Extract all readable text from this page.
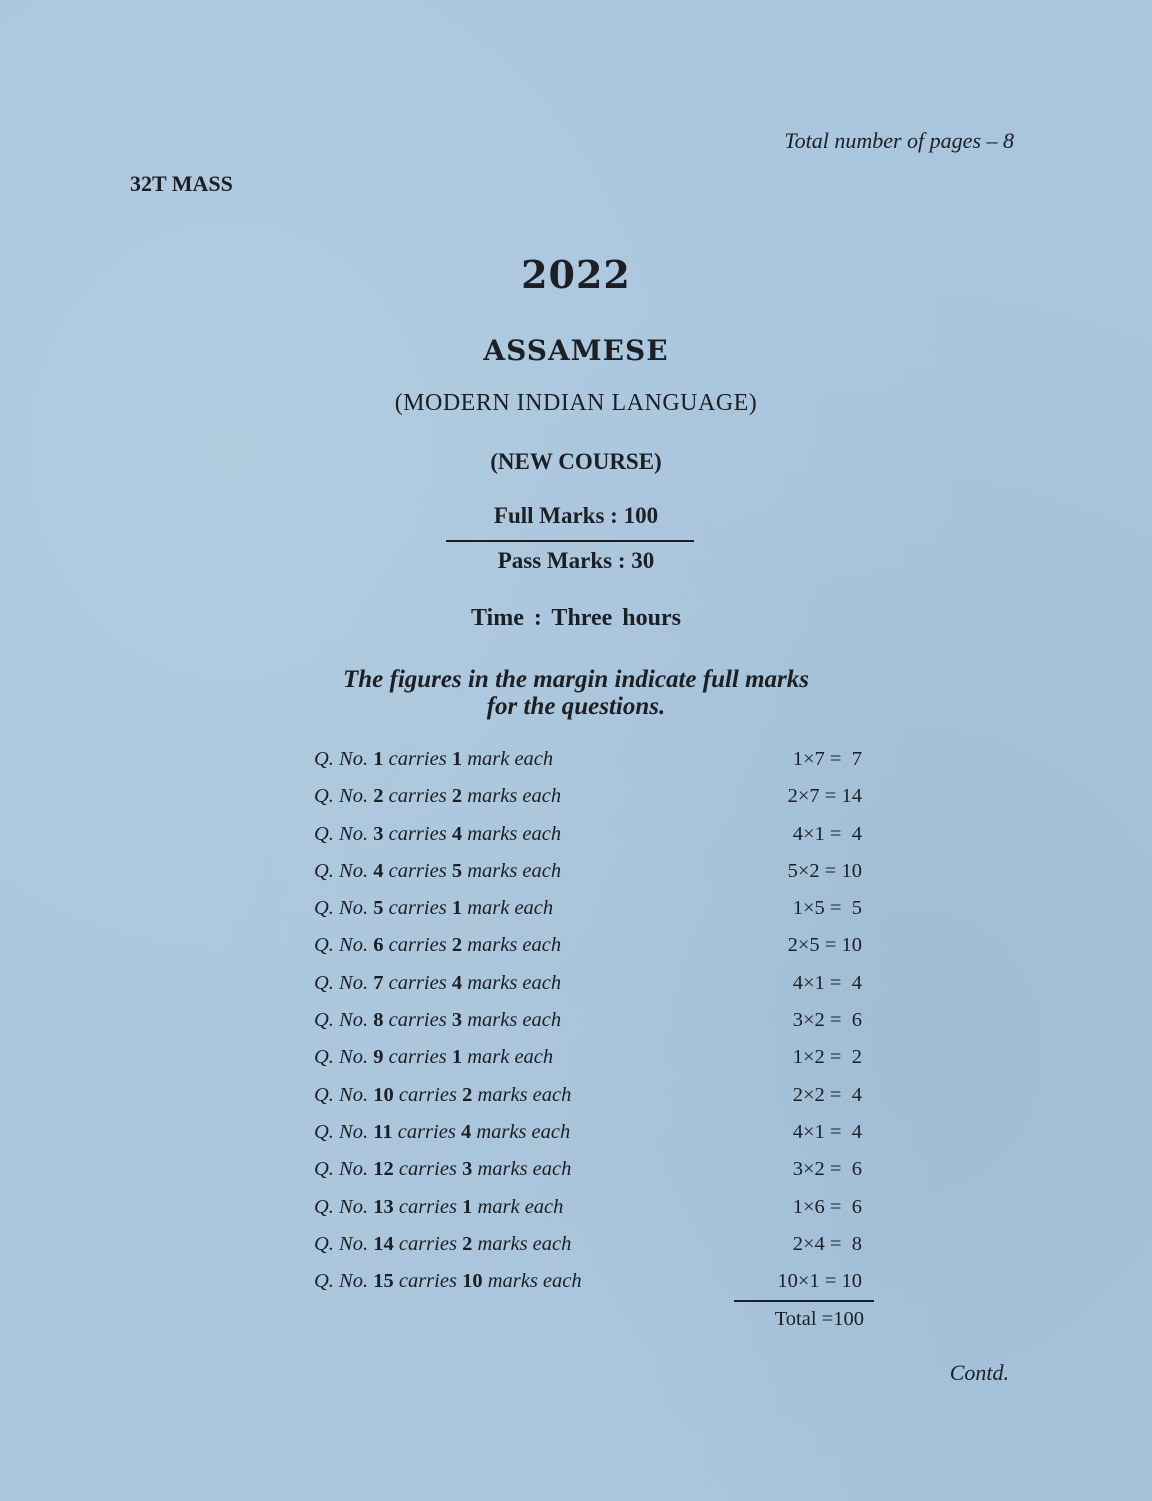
Total number of pages – 8
32T MASS
2022
ASSAMESE
(MODERN INDIAN LANGUAGE)
(NEW COURSE)
Full Marks : 100
Pass Marks : 30
Time : Three hours
The figures in the margin indicate full marks
for the questions.
Q. No. 1 carries 1 mark each	1×7 =  7
Q. No. 2 carries 2 marks each	2×7 = 14
Q. No. 3 carries 4 marks each	4×1 =  4
Q. No. 4 carries 5 marks each	5×2 = 10
Q. No. 5 carries 1 mark each	1×5 =  5
Q. No. 6 carries 2 marks each	2×5 = 10
Q. No. 7 carries 4 marks each	4×1 =  4
Q. No. 8 carries 3 marks each	3×2 =  6
Q. No. 9 carries 1 mark each	1×2 =  2
Q. No. 10 carries 2 marks each	2×2 =  4
Q. No. 11 carries 4 marks each	4×1 =  4
Q. No. 12 carries 3 marks each	3×2 =  6
Q. No. 13 carries 1 mark each	1×6 =  6
Q. No. 14 carries 2 marks each	2×4 =  8
Q. No. 15 carries 10 marks each	10×1 = 10
Total =100
Contd.
